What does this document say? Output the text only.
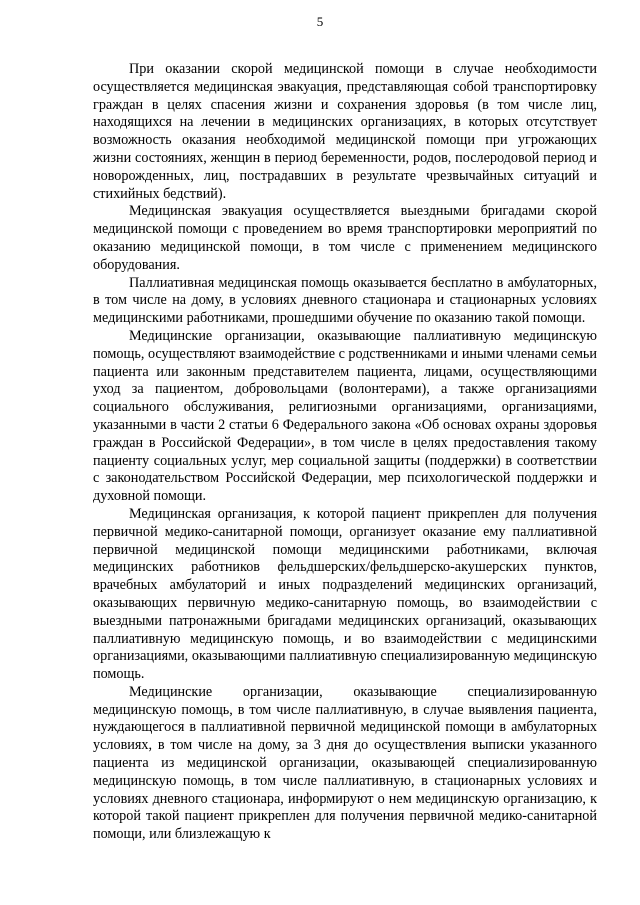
5

При оказании скорой медицинской помощи в случае необходимости осуществляется медицинская эвакуация, представляющая собой транспортировку граждан в целях спасения жизни и сохранения здоровья (в том числе лиц, находящихся на лечении в медицинских организациях, в которых отсутствует возможность оказания необходимой медицинской помощи при угрожающих жизни состояниях, женщин в период беременности, родов, послеродовой период и новорожденных, лиц, пострадавших в результате чрезвычайных ситуаций и стихийных бедствий).

Медицинская эвакуация осуществляется выездными бригадами скорой медицинской помощи с проведением во время транспортировки мероприятий по оказанию медицинской помощи, в том числе с применением медицинского оборудования.

Паллиативная медицинская помощь оказывается бесплатно в амбулаторных, в том числе на дому, в условиях дневного стационара и стационарных условиях медицинскими работниками, прошедшими обучение по оказанию такой помощи.

Медицинские организации, оказывающие паллиативную медицинскую помощь, осуществляют взаимодействие с родственниками и иными членами семьи пациента или законным представителем пациента, лицами, осуществляющими уход за пациентом, добровольцами (волонтерами), а также организациями социального обслуживания, религиозными организациями, организациями, указанными в части 2 статьи 6 Федерального закона «Об основах охраны здоровья граждан в Российской Федерации», в том числе в целях предоставления такому пациенту социальных услуг, мер социальной защиты (поддержки) в соответствии с законодательством Российской Федерации, мер психологической поддержки и духовной помощи.

Медицинская организация, к которой пациент прикреплен для получения первичной медико-санитарной помощи, организует оказание ему паллиативной первичной медицинской помощи медицинскими работниками, включая медицинских работников фельдшерских/фельдшерско-акушерских пунктов, врачебных амбулаторий и иных подразделений медицинских организаций, оказывающих первичную медико-санитарную помощь, во взаимодействии с выездными патронажными бригадами медицинских организаций, оказывающих паллиативную медицинскую помощь, и во взаимодействии с медицинскими организациями, оказывающими паллиативную специализированную медицинскую помощь.

Медицинские организации, оказывающие специализированную медицинскую помощь, в том числе паллиативную, в случае выявления пациента, нуждающегося в паллиативной первичной медицинской помощи в амбулаторных условиях, в том числе на дому, за 3 дня до осуществления выписки указанного пациента из медицинской организации, оказывающей специализированную медицинскую помощь, в том числе паллиативную, в стационарных условиях и условиях дневного стационара, информируют о нем медицинскую организацию, к которой такой пациент прикреплен для получения первичной медико-санитарной помощи, или близлежащую к
